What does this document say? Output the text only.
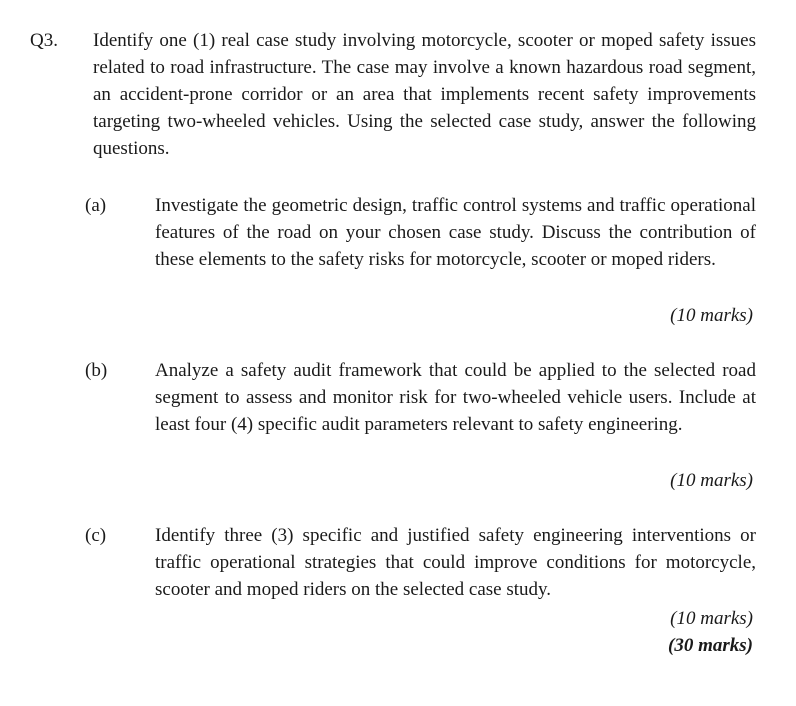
Q3. Identify one (1) real case study involving motorcycle, scooter or moped safety issues related to road infrastructure. The case may involve a known hazardous road segment, an accident-prone corridor or an area that implements recent safety improvements targeting two-wheeled vehicles. Using the selected case study, answer the following questions.
(a)	Investigate the geometric design, traffic control systems and traffic operational features of the road on your chosen case study. Discuss the contribution of these elements to the safety risks for motorcycle, scooter or moped riders.
(10 marks)
(b)	Analyze a safety audit framework that could be applied to the selected road segment to assess and monitor risk for two-wheeled vehicle users. Include at least four (4) specific audit parameters relevant to safety engineering.
(10 marks)
(c)	Identify three (3) specific and justified safety engineering interventions or traffic operational strategies that could improve conditions for motorcycle, scooter and moped riders on the selected case study.
(10 marks)
(30 marks)
